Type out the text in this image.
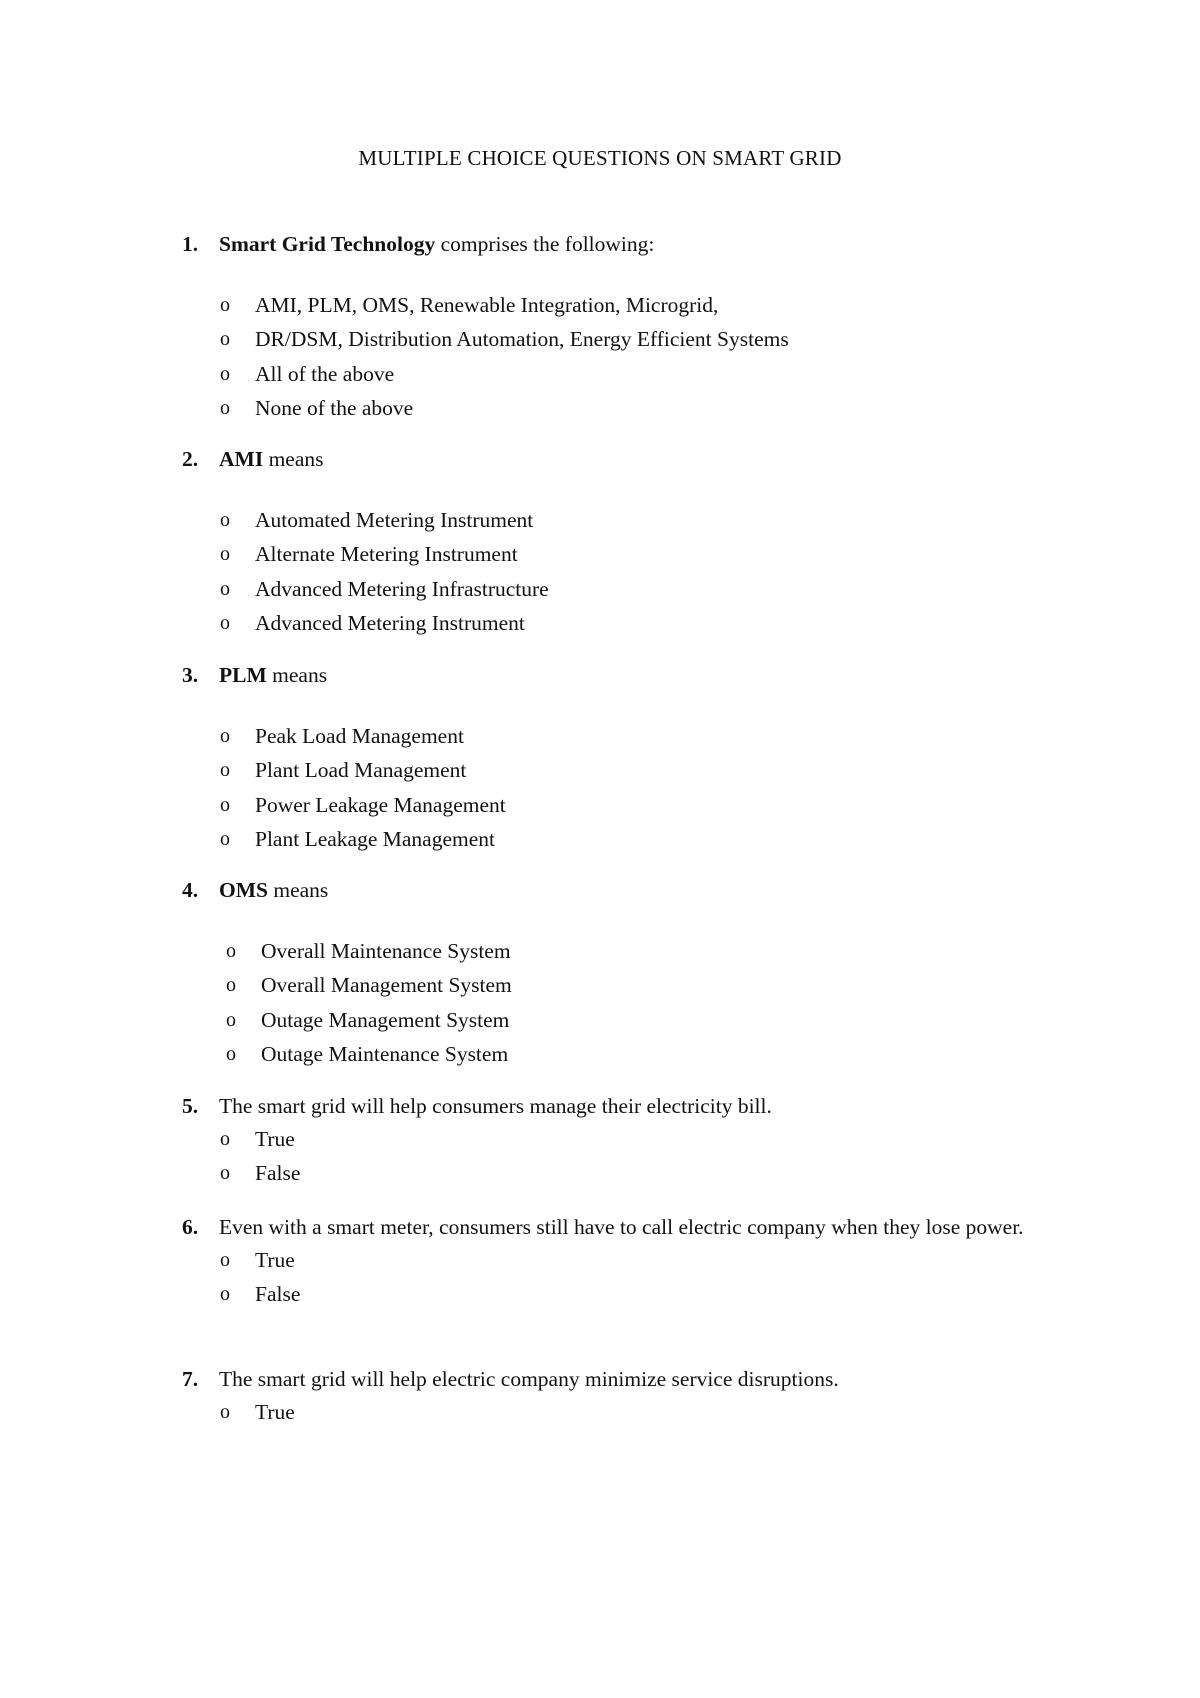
MULTIPLE CHOICE QUESTIONS ON SMART GRID
1. Smart Grid Technology comprises the following:
o AMI, PLM, OMS, Renewable Integration, Microgrid,
o DR/DSM, Distribution Automation, Energy Efficient Systems
o All of the above
o None of the above
2. AMI means
o Automated Metering Instrument
o Alternate Metering Instrument
o Advanced Metering Infrastructure
o Advanced Metering Instrument
3. PLM means
o Peak Load Management
o Plant Load Management
o Power Leakage Management
o Plant Leakage Management
4. OMS means
o Overall Maintenance System
o Overall Management System
o Outage Management System
o Outage Maintenance System
5. The smart grid will help consumers manage their electricity bill.
o True
o False
6. Even with a smart meter, consumers still have to call electric company when they lose power.
o True
o False
7. The smart grid will help electric company minimize service disruptions.
o True
